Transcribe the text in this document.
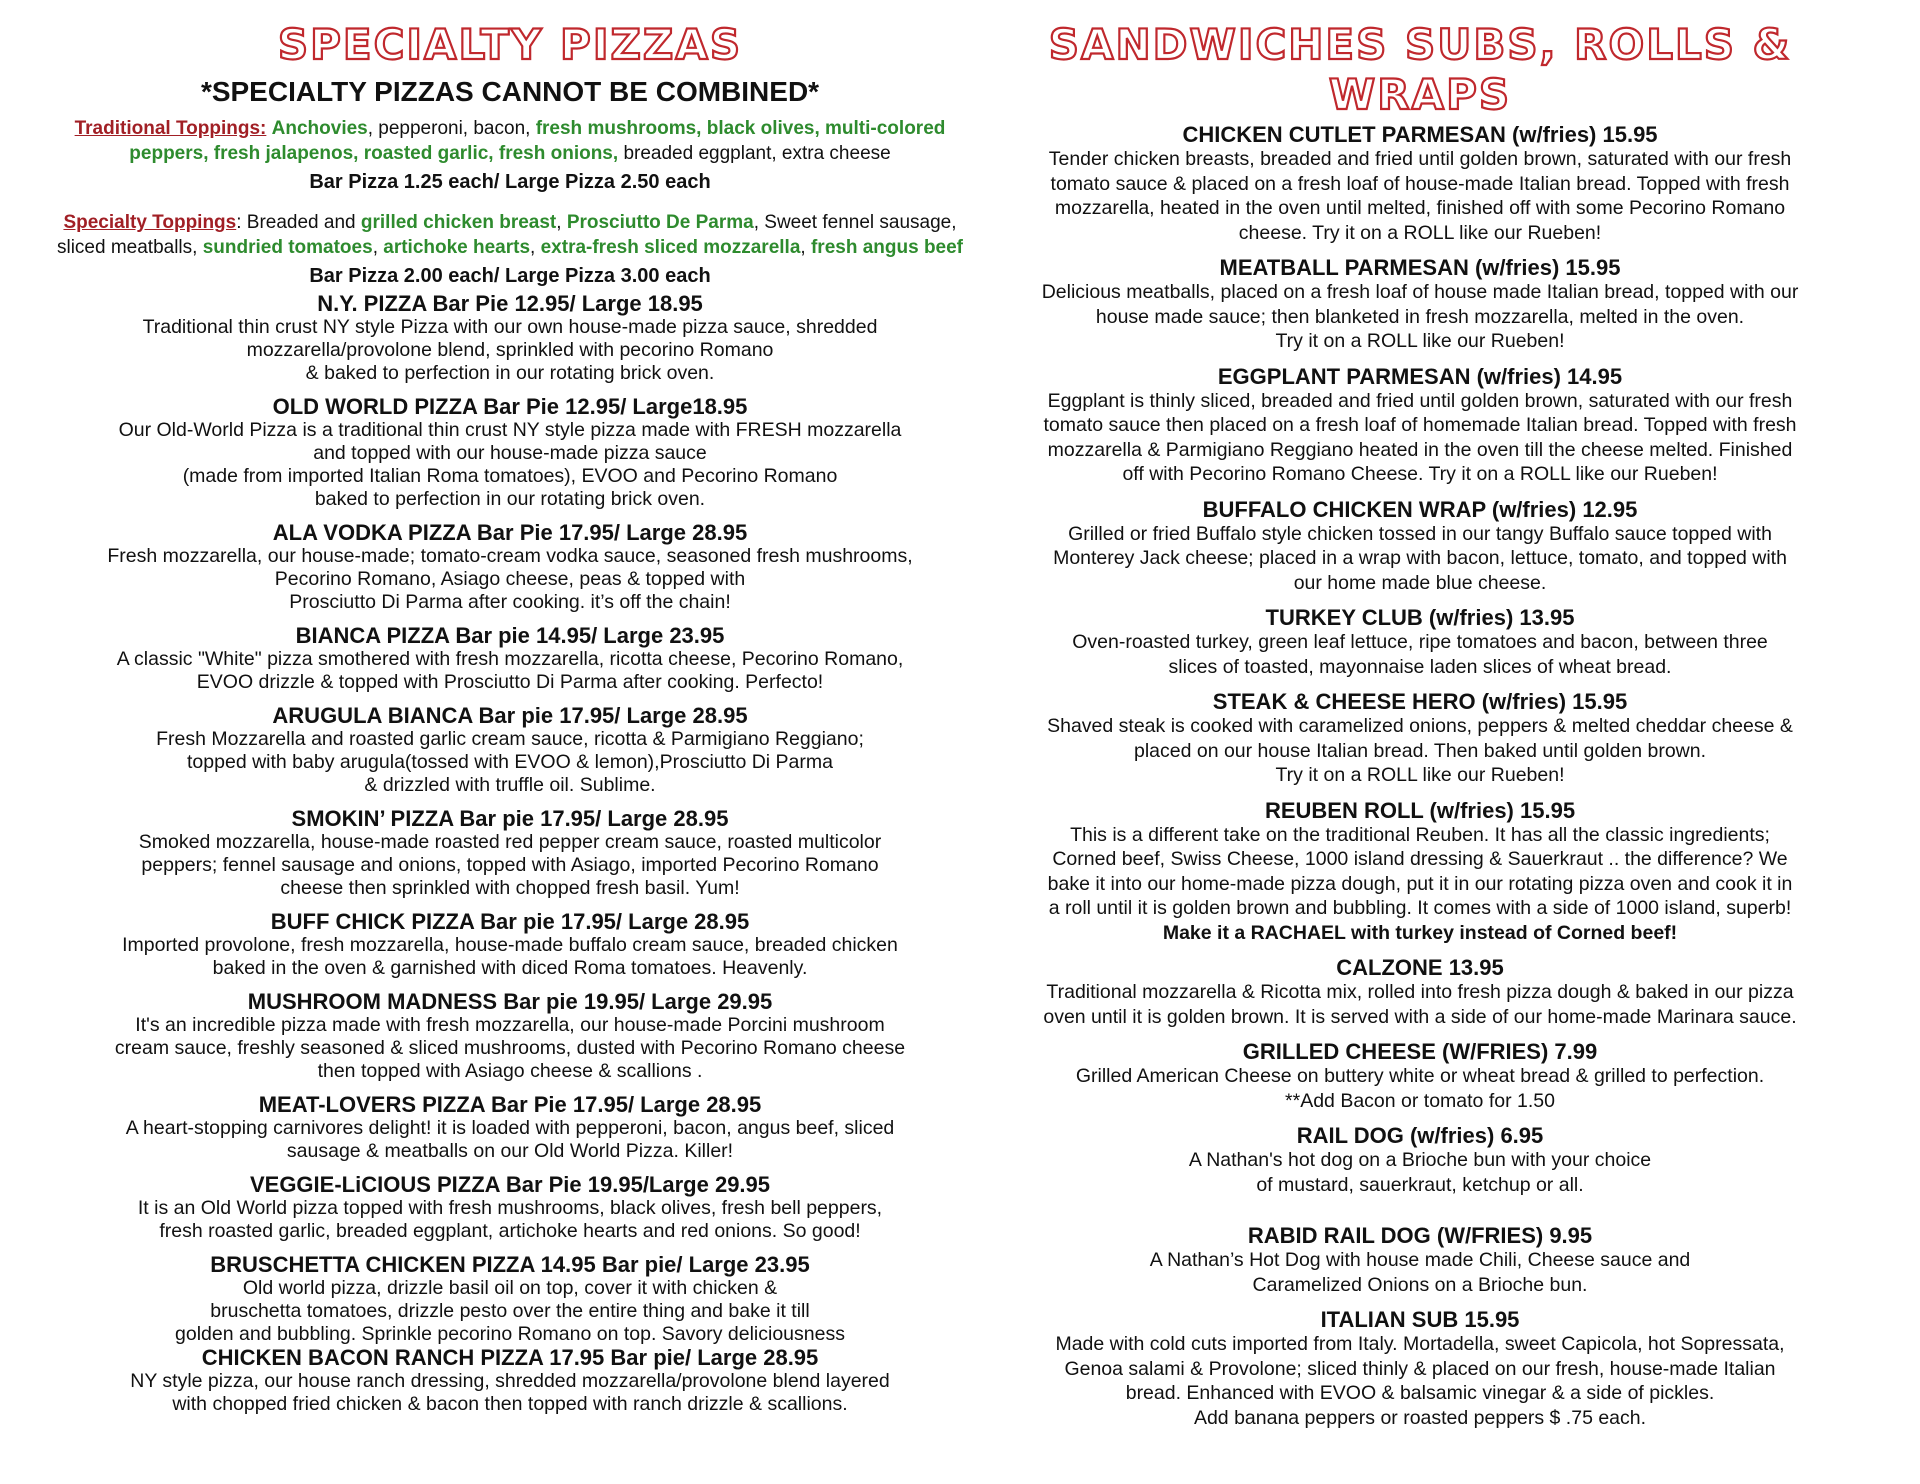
SPECIALTY PIZZAS
*SPECIALTY PIZZAS CANNOT BE COMBINED*

Traditional Toppings: Anchovies, pepperoni, bacon, fresh mushrooms, black olives, multi-colored peppers, fresh jalapenos, roasted garlic, fresh onions, breaded eggplant, extra cheese

Bar Pizza 1.25 each/ Large Pizza 2.50 each

Specialty Toppings: Breaded and grilled chicken breast, Prosciutto De Parma, Sweet fennel sausage, sliced meatballs, sundried tomatoes, artichoke hearts, extra-fresh sliced mozzarella, fresh angus beef

Bar Pizza 2.00 each/ Large Pizza 3.00 each
N.Y. PIZZA Bar Pie 12.95/ Large 18.95

Traditional thin crust NY style Pizza with our own house-made pizza sauce, shredded
mozzarella/provolone blend, sprinkled with pecorino Romano
& baked to perfection in our rotating brick oven.

OLD WORLD PIZZA Bar Pie 12.95/ Large18.95

Our Old-World Pizza is a traditional thin crust NY style pizza made with FRESH mozzarella
and topped with our house-made pizza sauce
(made from imported Italian Roma tomatoes), EVOO and Pecorino Romano
baked to perfection in our rotating brick oven.

ALA VODKA PIZZA Bar Pie 17.95/ Large 28.95

Fresh mozzarella, our house-made; tomato-cream vodka sauce, seasoned fresh mushrooms,
Pecorino Romano, Asiago cheese, peas & topped with
Prosciutto Di Parma after cooking. it’s off the chain!

BIANCA PIZZA Bar pie 14.95/ Large 23.95

A classic "White" pizza smothered with fresh mozzarella, ricotta cheese, Pecorino Romano,
EVOO drizzle & topped with Prosciutto Di Parma after cooking. Perfecto!

ARUGULA BIANCA Bar pie 17.95/ Large 28.95

Fresh Mozzarella and roasted garlic cream sauce, ricotta & Parmigiano Reggiano;
topped with baby arugula(tossed with EVOO & lemon),Prosciutto Di Parma
& drizzled with truffle oil. Sublime.

SMOKIN’ PIZZA Bar pie 17.95/ Large 28.95

Smoked mozzarella, house-made roasted red pepper cream sauce, roasted multicolor
peppers; fennel sausage and onions, topped with Asiago, imported Pecorino Romano
cheese then sprinkled with chopped fresh basil. Yum!

BUFF CHICK PIZZA Bar pie 17.95/ Large 28.95

Imported provolone, fresh mozzarella, house-made buffalo cream sauce, breaded chicken
baked in the oven & garnished with diced Roma tomatoes. Heavenly.

MUSHROOM MADNESS Bar pie 19.95/ Large 29.95

It's an incredible pizza made with fresh mozzarella, our house-made Porcini mushroom
cream sauce, freshly seasoned & sliced mushrooms, dusted with Pecorino Romano cheese
then topped with Asiago cheese & scallions .

MEAT-LOVERS PIZZA Bar Pie 17.95/ Large 28.95

A heart-stopping carnivores delight! it is loaded with pepperoni, bacon, angus beef, sliced
sausage & meatballs on our Old World Pizza. Killer!

VEGGIE-LiCIOUS PIZZA Bar Pie 19.95/Large 29.95

It is an Old World pizza topped with fresh mushrooms, black olives, fresh bell peppers,
fresh roasted garlic, breaded eggplant, artichoke hearts and red onions. So good!

BRUSCHETTA CHICKEN PIZZA 14.95 Bar pie/ Large 23.95

Old world pizza, drizzle basil oil on top, cover it with chicken &
bruschetta tomatoes, drizzle pesto over the entire thing and bake it till
golden and bubbling. Sprinkle pecorino Romano on top. Savory deliciousness

CHICKEN BACON RANCH PIZZA 17.95 Bar pie/ Large 28.95

NY style pizza, our house ranch dressing, shredded mozzarella/provolone blend layered
with chopped fried chicken & bacon then topped with ranch drizzle & scallions.

SANDWICHES SUBS, ROLLS & WRAPS
CHICKEN CUTLET PARMESAN (w/fries) 15.95

Tender chicken breasts, breaded and fried until golden brown, saturated with our fresh
tomato sauce & placed on a fresh loaf of house-made Italian bread. Topped with fresh
mozzarella, heated in the oven until melted, finished off with some Pecorino Romano
cheese. Try it on a ROLL like our Rueben!

MEATBALL PARMESAN (w/fries) 15.95

Delicious meatballs, placed on a fresh loaf of house made Italian bread, topped with our
house made sauce; then blanketed in fresh mozzarella, melted in the oven.
Try it on a ROLL like our Rueben!

EGGPLANT PARMESAN (w/fries) 14.95

Eggplant is thinly sliced, breaded and fried until golden brown, saturated with our fresh
tomato sauce then placed on a fresh loaf of homemade Italian bread. Topped with fresh
mozzarella & Parmigiano Reggiano heated in the oven till the cheese melted. Finished
off with Pecorino Romano Cheese. Try it on a ROLL like our Rueben!

BUFFALO CHICKEN WRAP (w/fries) 12.95

Grilled or fried Buffalo style chicken tossed in our tangy Buffalo sauce topped with
Monterey Jack cheese; placed in a wrap with bacon, lettuce, tomato, and topped with
our home made blue cheese.

TURKEY CLUB (w/fries) 13.95

Oven-roasted turkey, green leaf lettuce, ripe tomatoes and bacon, between three
slices of toasted, mayonnaise laden slices of wheat bread.

STEAK & CHEESE HERO (w/fries) 15.95

Shaved steak is cooked with caramelized onions, peppers & melted cheddar cheese &
placed on our house Italian bread. Then baked until golden brown.
Try it on a ROLL like our Rueben!

REUBEN ROLL (w/fries) 15.95

This is a different take on the traditional Reuben. It has all the classic ingredients;
Corned beef, Swiss Cheese, 1000 island dressing & Sauerkraut .. the difference? We
bake it into our home-made pizza dough, put it in our rotating pizza oven and cook it in
a roll until it is golden brown and bubbling. It comes with a side of 1000 island, superb!

Make it a RACHAEL with turkey instead of Corned beef!

CALZONE 13.95

Traditional mozzarella & Ricotta mix, rolled into fresh pizza dough & baked in our pizza
oven until it is golden brown. It is served with a side of our home-made Marinara sauce.

GRILLED CHEESE (W/FRIES) 7.99

Grilled American Cheese on buttery white or wheat bread & grilled to perfection.
**Add Bacon or tomato for 1.50

RAIL DOG (w/fries) 6.95

A Nathan's hot dog on a Brioche bun with your choice
of mustard, sauerkraut, ketchup or all.

RABID RAIL DOG (W/FRIES) 9.95

A Nathan’s Hot Dog with house made Chili, Cheese sauce and
Caramelized Onions on a Brioche bun.

ITALIAN SUB 15.95

Made with cold cuts imported from Italy. Mortadella, sweet Capicola, hot Sopressata,
Genoa salami & Provolone; sliced thinly & placed on our fresh, house-made Italian
bread. Enhanced with EVOO & balsamic vinegar & a side of pickles.
Add banana peppers or roasted peppers $ .75 each.
